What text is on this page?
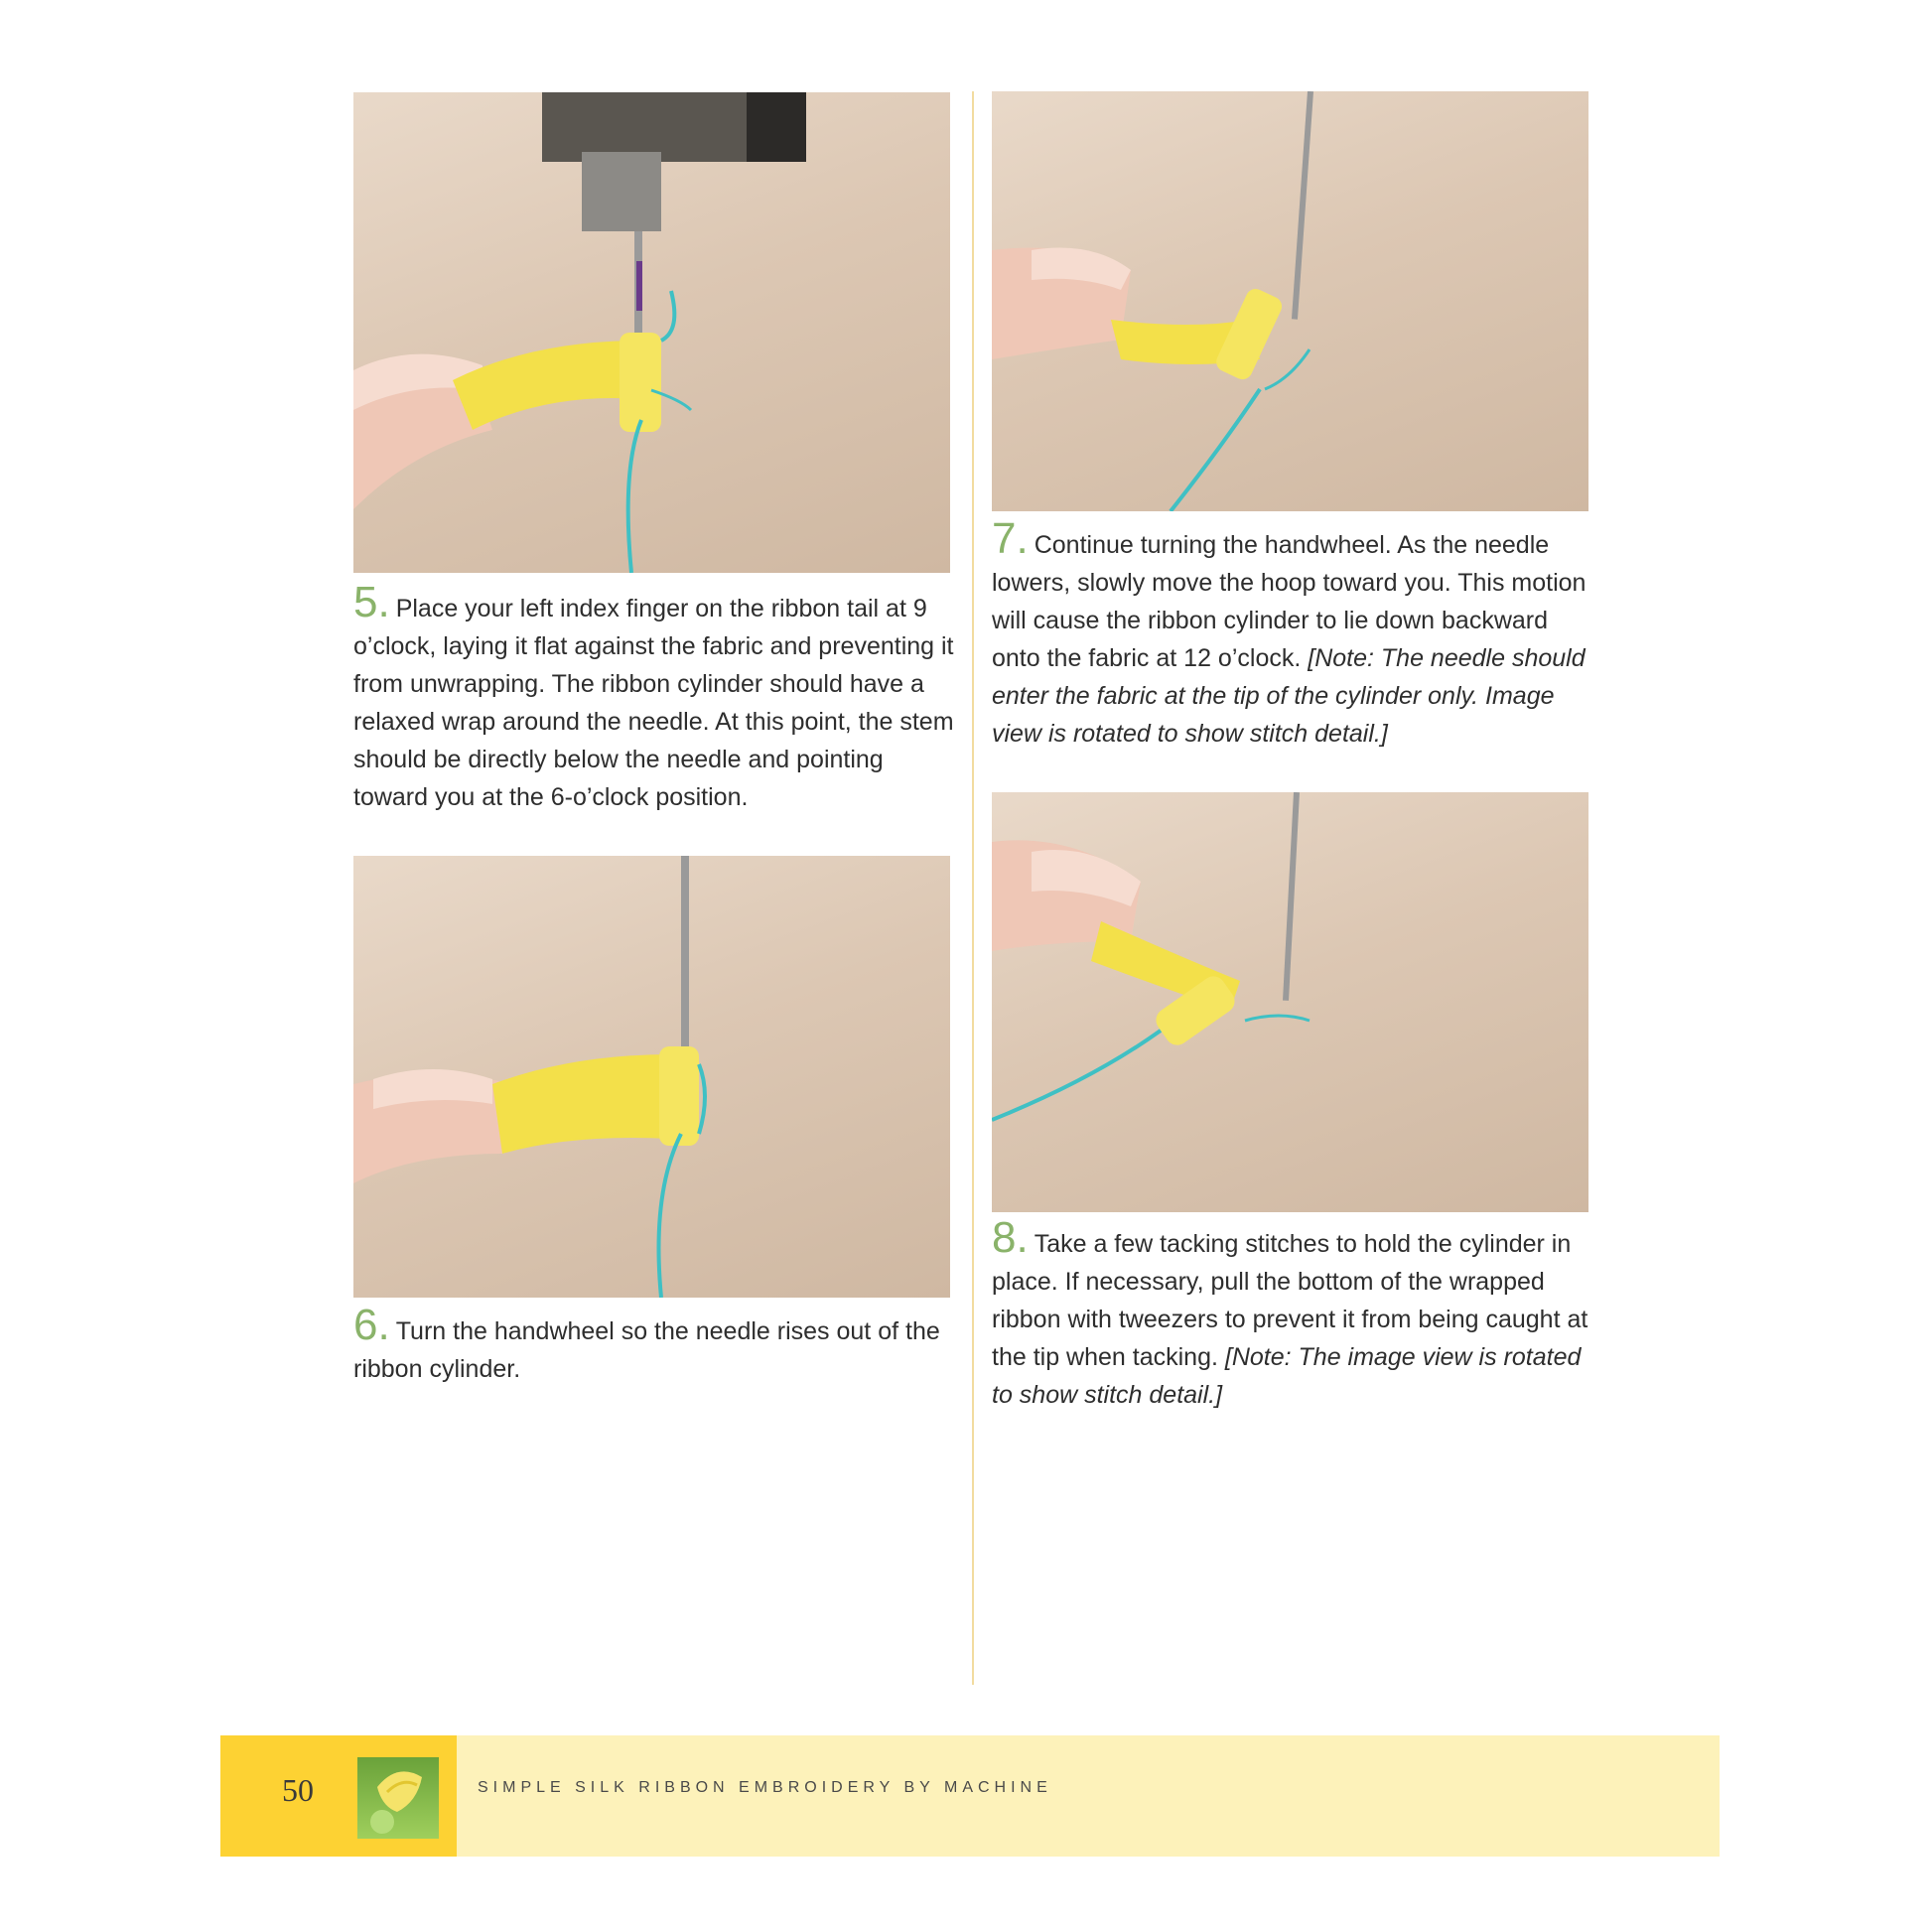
5. Place your left index finger on the ribbon tail at 9 o’clock, laying it flat against the fabric and preventing it from unwrapping. The ribbon cylinder should have a relaxed wrap around the needle. At this point, the stem should be directly below the needle and pointing toward you at the 6-o’clock position.
6. Turn the handwheel so the needle rises out of the ribbon cylinder.
7. Continue turning the handwheel. As the needle lowers, slowly move the hoop toward you. This motion will cause the ribbon cylinder to lie down backward onto the fabric at 12 o’clock. [Note: The needle should enter the fabric at the tip of the cylinder only. Image view is rotated to show stitch detail.]
8. Take a few tacking stitches to hold the cylinder in place. If necessary, pull the bottom of the wrapped ribbon with tweezers to prevent it from being caught at the tip when tacking. [Note: The image view is rotated to show stitch detail.]
50	SIMPLE SILK RIBBON EMBROIDERY BY MACHINE
